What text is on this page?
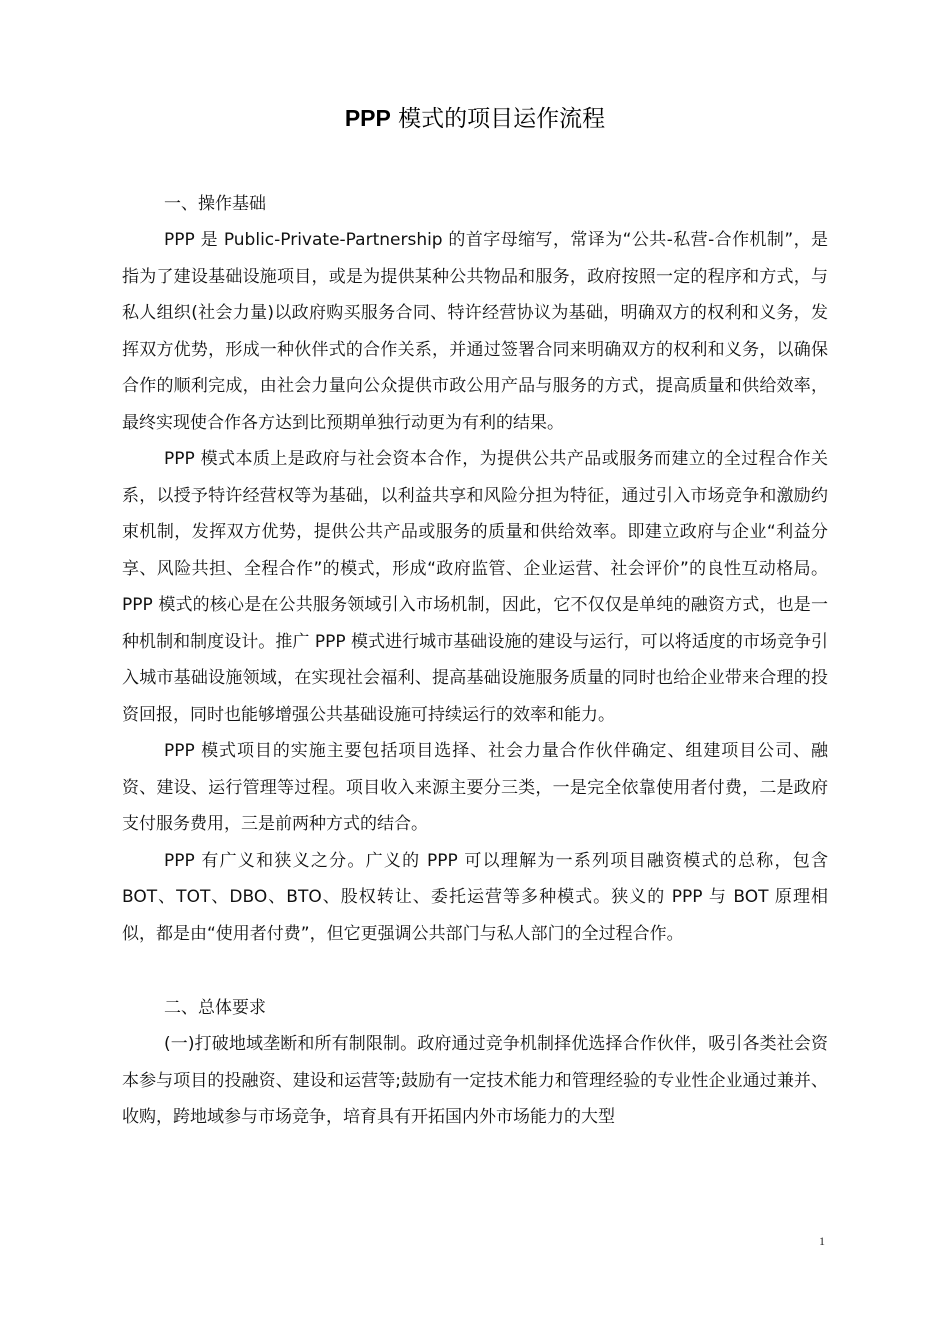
PPP 模式的项目运作流程
一、操作基础

PPP 是 Public-Private-Partnership 的首字母缩写，常译为“公共-私营-合作机制”，是指为了建设基础设施项目，或是为提供某种公共物品和服务，政府按照一定的程序和方式，与私人组织(社会力量)以政府购买服务合同、特许经营协议为基础，明确双方的权利和义务，发挥双方优势，形成一种伙伴式的合作关系，并通过签署合同来明确双方的权利和义务，以确保合作的顺利完成，由社会力量向公众提供市政公用产品与服务的方式，提高质量和供给效率，最终实现使合作各方达到比预期单独行动更为有利的结果。

PPP 模式本质上是政府与社会资本合作，为提供公共产品或服务而建立的全过程合作关系，以授予特许经营权等为基础，以利益共享和风险分担为特征，通过引入市场竞争和激励约束机制，发挥双方优势，提供公共产品或服务的质量和供给效率。即建立政府与企业“利益分享、风险共担、全程合作”的模式，形成“政府监管、企业运营、社会评价”的良性互动格局。PPP 模式的核心是在公共服务领域引入市场机制，因此，它不仅仅是单纯的融资方式，也是一种机制和制度设计。推广 PPP 模式进行城市基础设施的建设与运行，可以将适度的市场竞争引入城市基础设施领域，在实现社会福利、提高基础设施服务质量的同时也给企业带来合理的投资回报，同时也能够增强公共基础设施可持续运行的效率和能力。

PPP 模式项目的实施主要包括项目选择、社会力量合作伙伴确定、组建项目公司、融资、建设、运行管理等过程。项目收入来源主要分三类，一是完全依靠使用者付费，二是政府支付服务费用，三是前两种方式的结合。

PPP 有广义和狭义之分。广义的 PPP 可以理解为一系列项目融资模式的总称，包含 BOT、TOT、DBO、BTO、股权转让、委托运营等多种模式。狭义的 PPP 与 BOT 原理相似，都是由“使用者付费”，但它更强调公共部门与私人部门的全过程合作。

二、总体要求

(一)打破地域垄断和所有制限制。政府通过竞争机制择优选择合作伙伴，吸引各类社会资本参与项目的投融资、建设和运营等;鼓励有一定技术能力和管理经验的专业性企业通过兼并、收购，跨地域参与市场竞争，培育具有开拓国内外市场能力的大型

1
